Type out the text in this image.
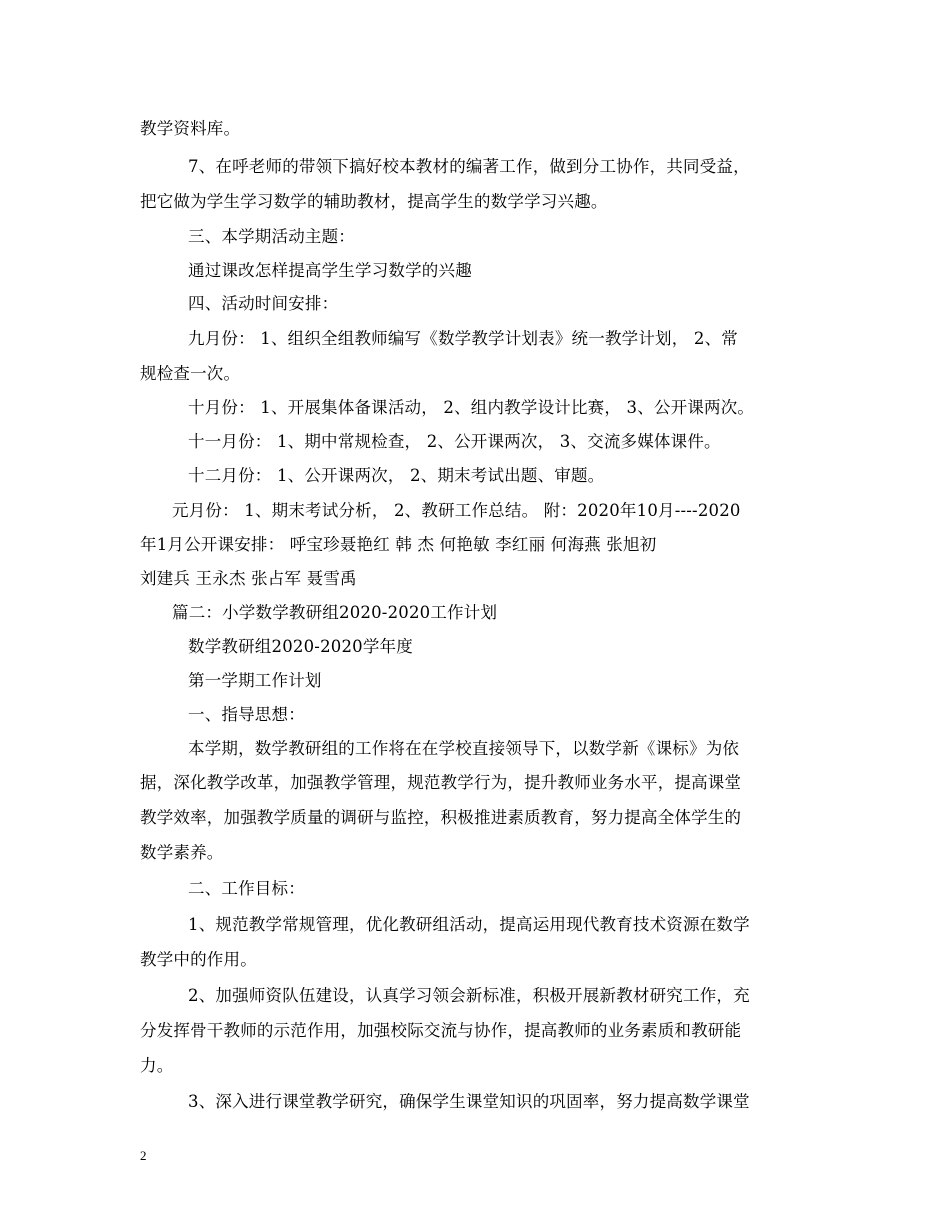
教学资料库。
7、在呼老师的带领下搞好校本教材的编著工作，做到分工协作，共同受益，
把它做为学生学习数学的辅助教材，提高学生的数学学习兴趣。
三、本学期活动主题：
通过课改怎样提高学生学习数学的兴趣
四、活动时间安排：
九月份： 1、组织全组教师编写《数学教学计划表》统一教学计划， 2、常
规检查一次。
十月份： 1、开展集体备课活动， 2、组内教学设计比赛， 3、公开课两次。
十一月份： 1、期中常规检查， 2、公开课两次， 3、交流多媒体课件。
十二月份： 1、公开课两次， 2、期末考试出题、审题。
元月份： 1、期末考试分析， 2、教研工作总结。 附：2020年10月----2020
年1月公开课安排： 呼宝珍聂艳红 韩 杰 何艳敏 李红丽 何海燕 张旭初
刘建兵 王永杰 张占军 聂雪禹
篇二：小学数学教研组2020-2020工作计划
数学教研组2020-2020学年度
第一学期工作计划
一、指导思想：
本学期，数学教研组的工作将在在学校直接领导下，以数学新《课标》为依
据，深化教学改革，加强教学管理，规范教学行为，提升教师业务水平，提高课堂
教学效率，加强教学质量的调研与监控，积极推进素质教育，努力提高全体学生的
数学素养。
二、工作目标：
1、规范教学常规管理，优化教研组活动，提高运用现代教育技术资源在数学
教学中的作用。
2、加强师资队伍建设，认真学习领会新标准，积极开展新教材研究工作，充
分发挥骨干教师的示范作用，加强校际交流与协作，提高教师的业务素质和教研能
力。
3、深入进行课堂教学研究，确保学生课堂知识的巩固率，努力提高数学课堂
2
